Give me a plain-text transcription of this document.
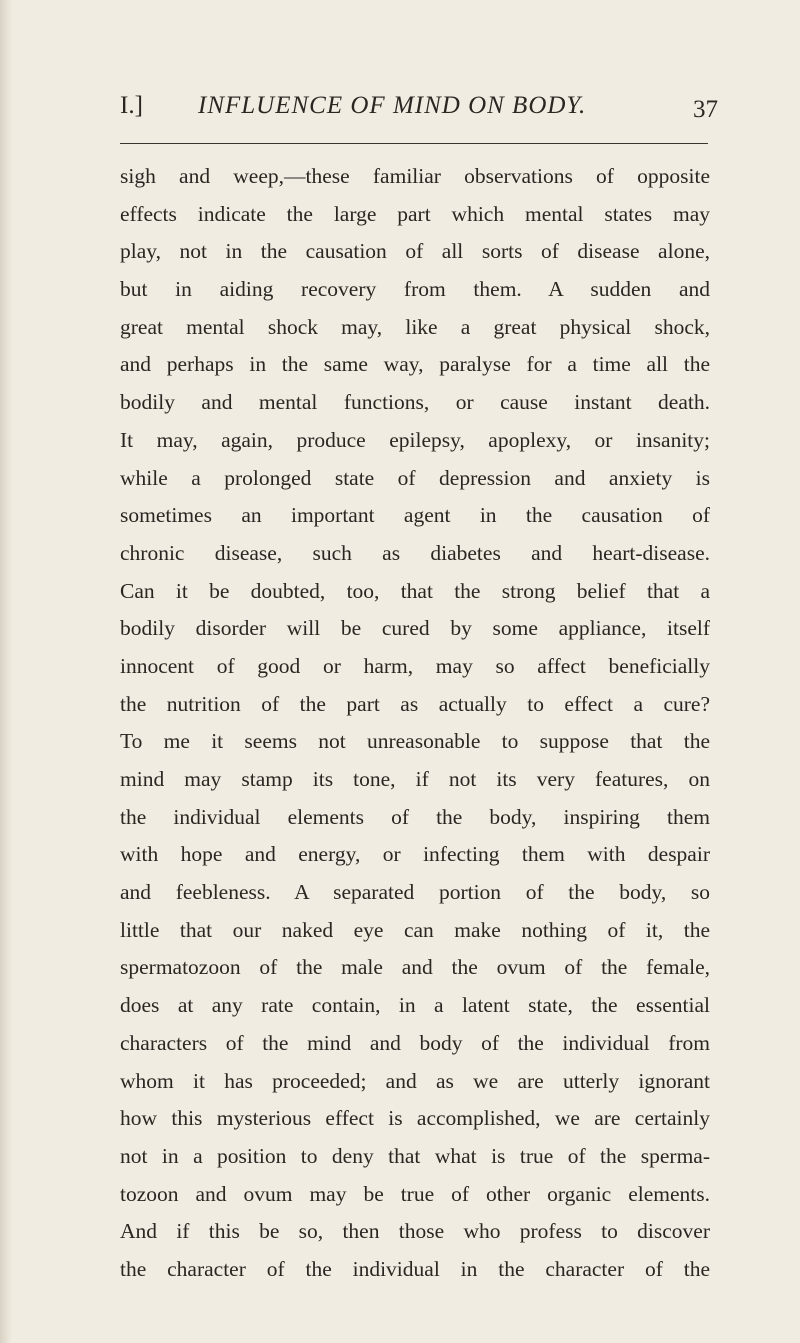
I.] INFLUENCE OF MIND ON BODY.	37
sigh and weep,—these familiar observations of opposite
effects indicate the large part which mental states may
play, not in the causation of all sorts of disease alone,
but in aiding recovery from them. A sudden and
great mental shock may, like a great physical shock,
and perhaps in the same way, paralyse for a time all the
bodily and mental functions, or cause instant death.
It may, again, produce epilepsy, apoplexy, or insanity;
while a prolonged state of depression and anxiety is
sometimes an important agent in the causation of
chronic disease, such as diabetes and heart-disease.
Can it be doubted, too, that the strong belief that a
bodily disorder will be cured by some appliance, itself
innocent of good or harm, may so affect beneficially
the nutrition of the part as actually to effect a cure?
To me it seems not unreasonable to suppose that the
mind may stamp its tone, if not its very features, on
the individual elements of the body, inspiring them
with hope and energy, or infecting them with despair
and feebleness. A separated portion of the body, so
little that our naked eye can make nothing of it, the
spermatozoon of the male and the ovum of the female,
does at any rate contain, in a latent state, the essential
characters of the mind and body of the individual from
whom it has proceeded; and as we are utterly ignorant
how this mysterious effect is accomplished, we are certainly
not in a position to deny that what is true of the sperma-
tozoon and ovum may be true of other organic elements.
And if this be so, then those who profess to discover
the character of the individual in the character of the
